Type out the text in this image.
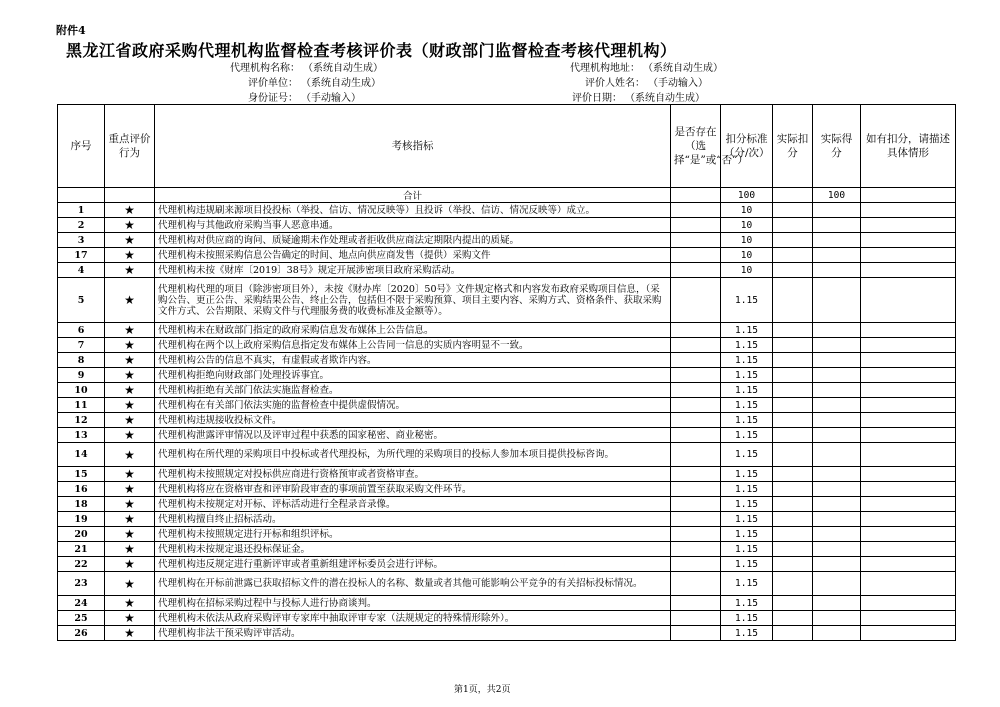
附件4
黑龙江省政府采购代理机构监督检查考核评价表（财政部门监督检查考核代理机构）
代理机构名称： （系统自动生成）	代理机构地址： （系统自动生成）
评价单位： （系统自动生成）	评价人姓名： （手动输入）
身份证号： （手动输入）	评价日期： （系统自动生成）
序号	重点评价行为	考核指标	是否存在（选择“是”或“否”）	扣分标准（分/次）	实际扣分	实际得分	如有扣分，请描述具体情形
		合计		100		100	
1	★	代理机构违规刷来源项目投投标（举投、信访、情况反映等）且投诉（举投、信访、情况反映等）成立。		10			
2	★	代理机构与其他政府采购当事人恶意串通。		10			
3	★	代理机构对供应商的询问、质疑逾期未作处理或者拒收供应商法定期限内提出的质疑。		10			
17	★	代理机构未按照采购信息公告确定的时间、地点向供应商发售（提供）采购文件		10			
4	★	代理机构未按《财库〔2019〕38号》规定开展涉密项目政府采购活动。		10			
5	★	代理机构代理的项目（除涉密项目外），未按《财办库〔2020〕50号》文件规定格式和内容发布政府采购项目信息，（采购公告、更正公告、采购结果公告、终止公告，包括但不限于采购预算、项目主要内容、采购方式、资格条件、获取采购文件方式、公告期限、采购文件与代理服务费的收费标准及金额等）。		1.15			
6	★	代理机构未在财政部门指定的政府采购信息发布媒体上公告信息。		1.15			
7	★	代理机构在两个以上政府采购信息指定发布媒体上公告同一信息的实质内容明显不一致。		1.15			
8	★	代理机构公告的信息不真实，有虚假或者欺诈内容。		1.15			
9	★	代理机构拒绝向财政部门处理投诉事宜。		1.15			
10	★	代理机构拒绝有关部门依法实施监督检查。		1.15			
11	★	代理机构在有关部门依法实施的监督检查中提供虚假情况。		1.15			
12	★	代理机构违规接收投标文件。		1.15			
13	★	代理机构泄露评审情况以及评审过程中获悉的国家秘密、商业秘密。		1.15			
14	★	代理机构在所代理的采购项目中投标或者代理投标，为所代理的采购项目的投标人参加本项目提供投标咨询。		1.15			
15	★	代理机构未按照规定对投标供应商进行资格预审或者资格审查。		1.15			
16	★	代理机构将应在资格审查和评审阶段审查的事项前置至获取采购文件环节。		1.15			
18	★	代理机构未按规定对开标、评标活动进行全程录音录像。		1.15			
19	★	代理机构擅自终止招标活动。		1.15			
20	★	代理机构未按照规定进行开标和组织评标。		1.15			
21	★	代理机构未按规定退还投标保证金。		1.15			
22	★	代理机构违反规定进行重新评审或者重新组建评标委员会进行评标。		1.15			
23	★	代理机构在开标前泄露已获取招标文件的潜在投标人的名称、数量或者其他可能影响公平竞争的有关招标投标情况。		1.15			
24	★	代理机构在招标采购过程中与投标人进行协商谈判。		1.15			
25	★	代理机构未依法从政府采购评审专家库中抽取评审专家（法规规定的特殊情形除外）。		1.15			
26	★	代理机构非法干预采购评审活动。		1.15			
第1页，共2页
